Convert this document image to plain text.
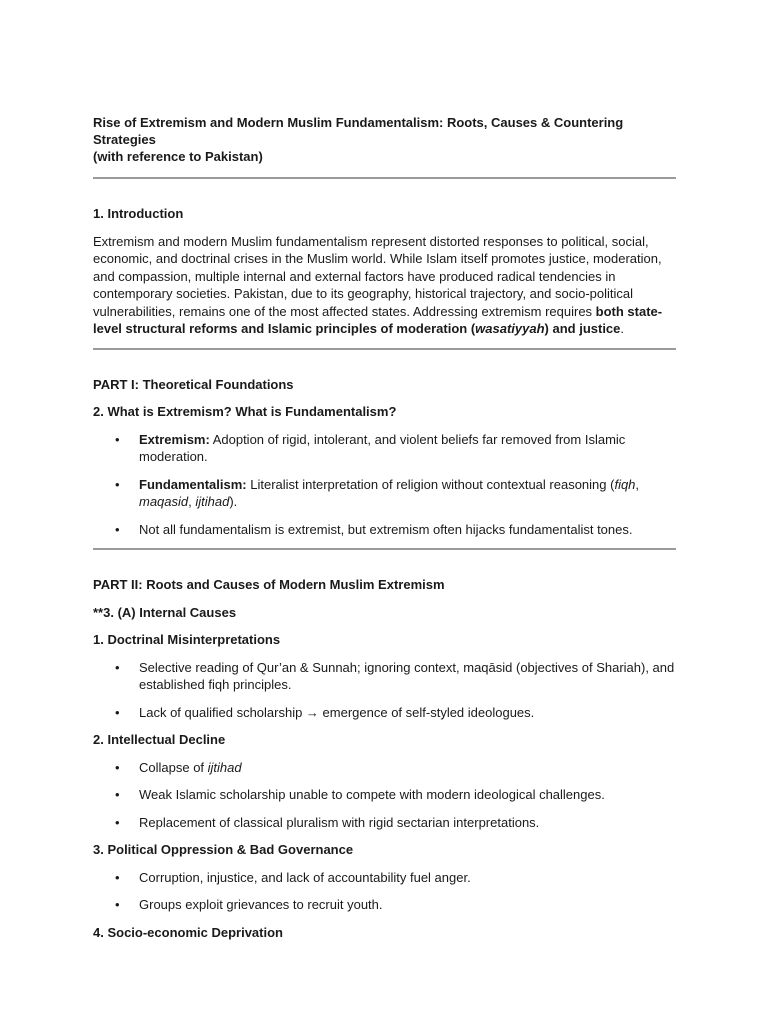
Rise of Extremism and Modern Muslim Fundamentalism: Roots, Causes & Countering Strategies
(with reference to Pakistan)

1. Introduction

Extremism and modern Muslim fundamentalism represent distorted responses to political, social, economic, and doctrinal crises in the Muslim world. While Islam itself promotes justice, moderation, and compassion, multiple internal and external factors have produced radical tendencies in contemporary societies. Pakistan, due to its geography, historical trajectory, and socio-political vulnerabilities, remains one of the most affected states. Addressing extremism requires both state-level structural reforms and Islamic principles of moderation (wasatiyyah) and justice.

PART I: Theoretical Foundations

2. What is Extremism? What is Fundamentalism?

• Extremism: Adoption of rigid, intolerant, and violent beliefs far removed from Islamic moderation.
• Fundamentalism: Literalist interpretation of religion without contextual reasoning (fiqh, maqasid, ijtihad).
• Not all fundamentalism is extremist, but extremism often hijacks fundamentalist tones.

PART II: Roots and Causes of Modern Muslim Extremism

**3. (A) Internal Causes

1. Doctrinal Misinterpretations

• Selective reading of Qur’an & Sunnah; ignoring context, maqāsid (objectives of Shariah), and established fiqh principles.
• Lack of qualified scholarship → emergence of self-styled ideologues.

2. Intellectual Decline

• Collapse of ijtihad
• Weak Islamic scholarship unable to compete with modern ideological challenges.
• Replacement of classical pluralism with rigid sectarian interpretations.

3. Political Oppression & Bad Governance

• Corruption, injustice, and lack of accountability fuel anger.
• Groups exploit grievances to recruit youth.

4. Socio-economic Deprivation
